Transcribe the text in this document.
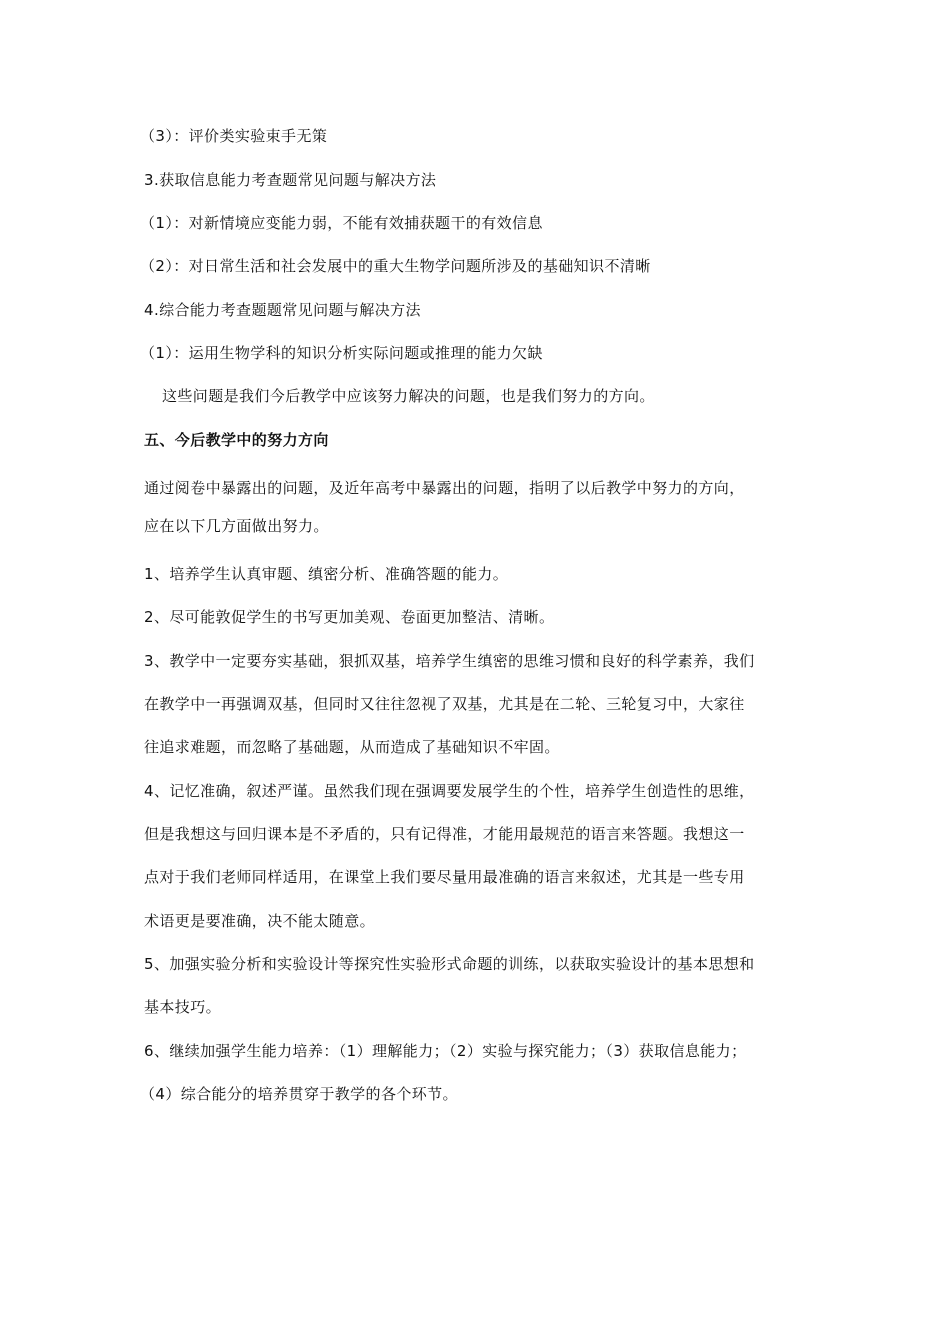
（3）：评价类实验束手无策
3.获取信息能力考查题常见问题与解决方法
（1）：对新情境应变能力弱，不能有效捕获题干的有效信息
（2）：对日常生活和社会发展中的重大生物学问题所涉及的基础知识不清晰
4.综合能力考查题题常见问题与解决方法
（1）：运用生物学科的知识分析实际问题或推理的能力欠缺
这些问题是我们今后教学中应该努力解决的问题，也是我们努力的方向。
五、今后教学中的努力方向
通过阅卷中暴露出的问题，及近年高考中暴露出的问题，指明了以后教学中努力的方向，
应在以下几方面做出努力。
1、培养学生认真审题、缜密分析、准确答题的能力。
2、尽可能敦促学生的书写更加美观、卷面更加整洁、清晰。
3、教学中一定要夯实基础，狠抓双基，培养学生缜密的思维习惯和良好的科学素养，我们
在教学中一再强调双基，但同时又往往忽视了双基，尤其是在二轮、三轮复习中，大家往
往追求难题，而忽略了基础题，从而造成了基础知识不牢固。
4、记忆准确，叙述严谨。虽然我们现在强调要发展学生的个性，培养学生创造性的思维，
但是我想这与回归课本是不矛盾的，只有记得准，才能用最规范的语言来答题。我想这一
点对于我们老师同样适用，在课堂上我们要尽量用最准确的语言来叙述，尤其是一些专用
术语更是要准确，决不能太随意。
5、加强实验分析和实验设计等探究性实验形式命题的训练，以获取实验设计的基本思想和
基本技巧。
6、继续加强学生能力培养：（1）理解能力；（2）实验与探究能力；（3）获取信息能力；
（4）综合能分的培养贯穿于教学的各个环节。
